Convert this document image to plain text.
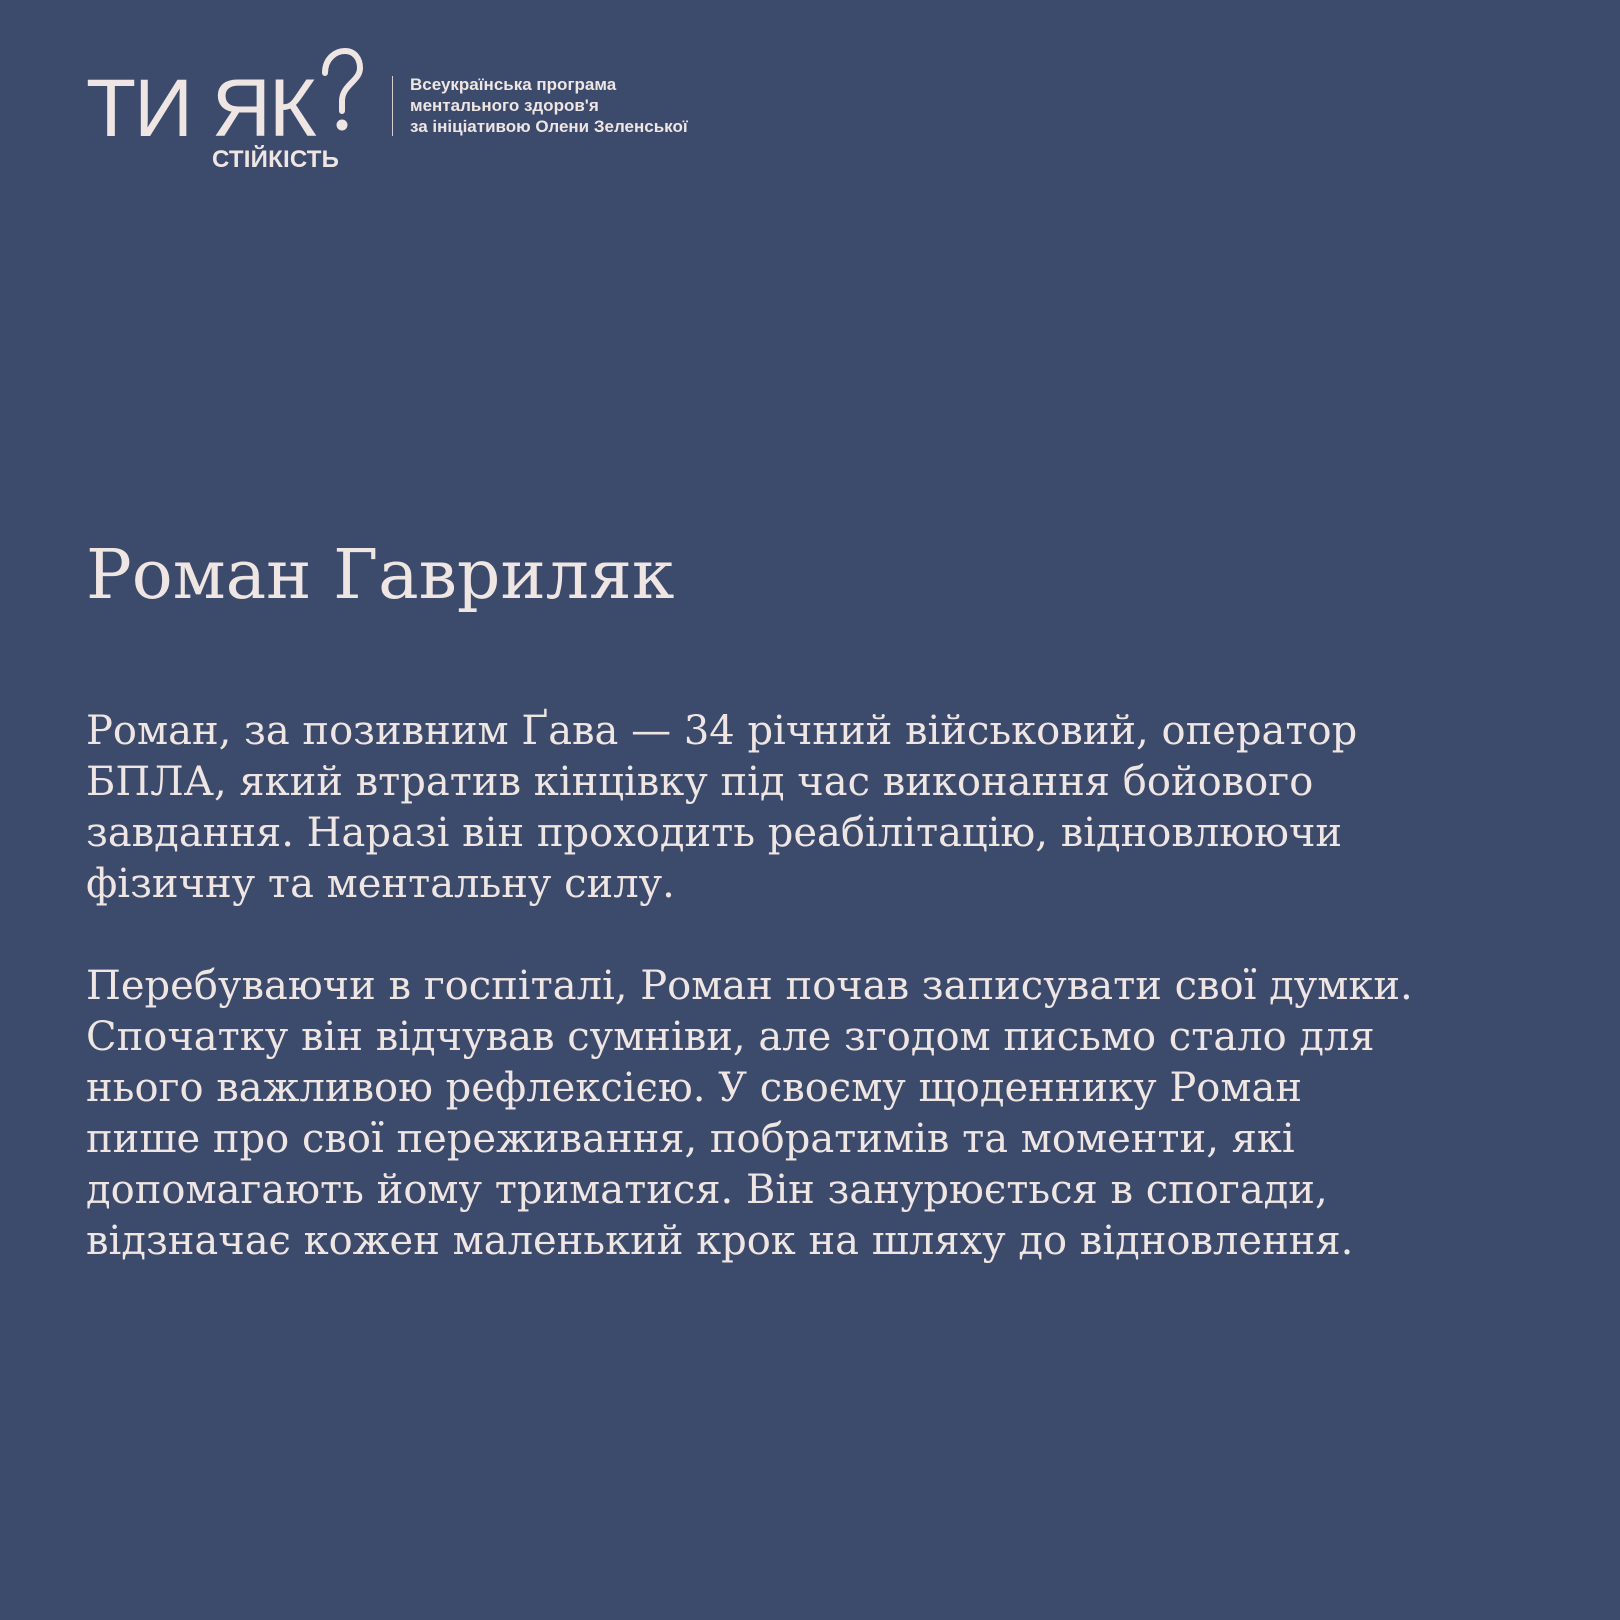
ТИ ЯК
СТІЙКІСТЬ
Всеукраїнська програма
ментального здоров'я
за ініціативою Олени Зеленської
Роман Гавриляк
Роман, за позивним Ґава — 34 річний військовий, оператор
БПЛА, який втратив кінцівку під час виконання бойового
завдання. Наразі він проходить реабілітацію, відновлюючи
фізичну та ментальну силу.
Перебуваючи в госпіталі, Роман почав записувати свої думки.
Спочатку він відчував сумніви, але згодом письмо стало для
нього важливою рефлексією. У своєму щоденнику Роман
пише про свої переживання, побратимів та моменти, які
допомагають йому триматися. Він занурюється в спогади,
відзначає кожен маленький крок на шляху до відновлення.
